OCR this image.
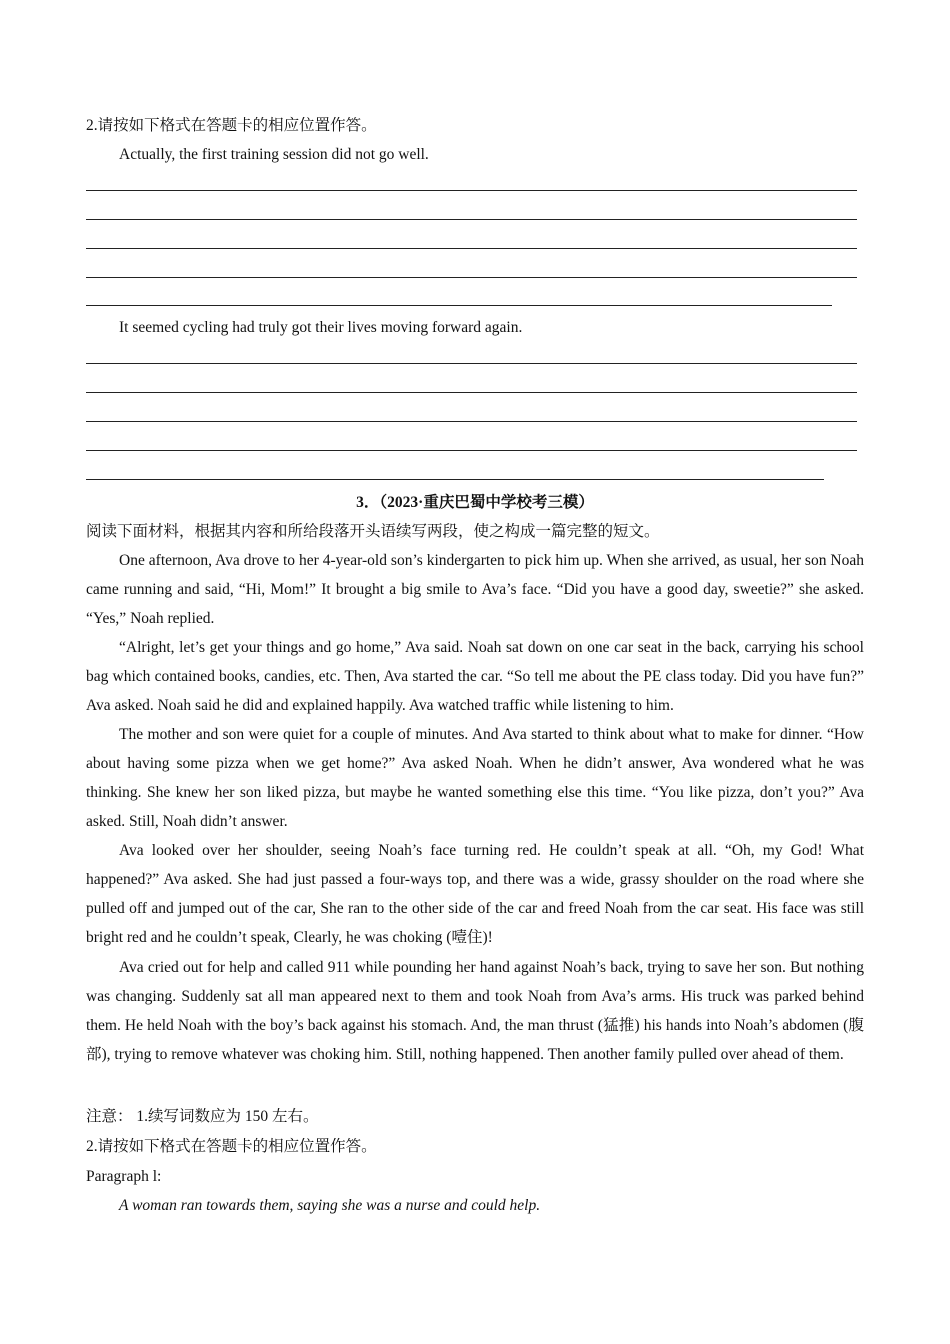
2.请按如下格式在答题卡的相应位置作答。
Actually, the first training session did not go well.
It seemed cycling had truly got their lives moving forward again.
3．（2023·重庆巴蜀中学校考三模）
阅读下面材料，根据其内容和所给段落开头语续写两段，使之构成一篇完整的短文。

One afternoon, Ava drove to her 4-year-old son’s kindergarten to pick him up. When she arrived, as usual, her son Noah came running and said, “Hi, Mom!” It brought a big smile to Ava’s face. “Did you have a good day, sweetie?” she asked. “Yes,” Noah replied.

“Alright, let’s get your things and go home,” Ava said. Noah sat down on one car seat in the back, carrying his school bag which contained books, candies, etc. Then, Ava started the car. “So tell me about the PE class today. Did you have fun?” Ava asked. Noah said he did and explained happily. Ava watched traffic while listening to him.

The mother and son were quiet for a couple of minutes. And Ava started to think about what to make for dinner. “How about having some pizza when we get home?” Ava asked Noah. When he didn’t answer, Ava wondered what he was thinking. She knew her son liked pizza, but maybe he wanted something else this time. “You like pizza, don’t you?” Ava asked. Still, Noah didn’t answer.

Ava looked over her shoulder, seeing Noah’s face turning red. He couldn’t speak at all. “Oh, my God! What happened?” Ava asked. She had just passed a four-ways top, and there was a wide, grassy shoulder on the road where she pulled off and jumped out of the car, She ran to the other side of the car and freed Noah from the car seat. His face was still bright red and he couldn’t speak, Clearly, he was choking (噎住)!

Ava cried out for help and called 911 while pounding her hand against Noah’s back, trying to save her son. But nothing was changing. Suddenly sat all man appeared next to them and took Noah from Ava’s arms. His truck was parked behind them. He held Noah with the boy’s back against his stomach. And, the man thrust (猛推) his hands into Noah’s abdomen (腹部), trying to remove whatever was choking him. Still, nothing happened. Then another family pulled over ahead of them.

注意： 1.续写词数应为 150 左右。
2.请按如下格式在答题卡的相应位置作答。
Paragraph l:
A woman ran towards them, saying she was a nurse and could help.
